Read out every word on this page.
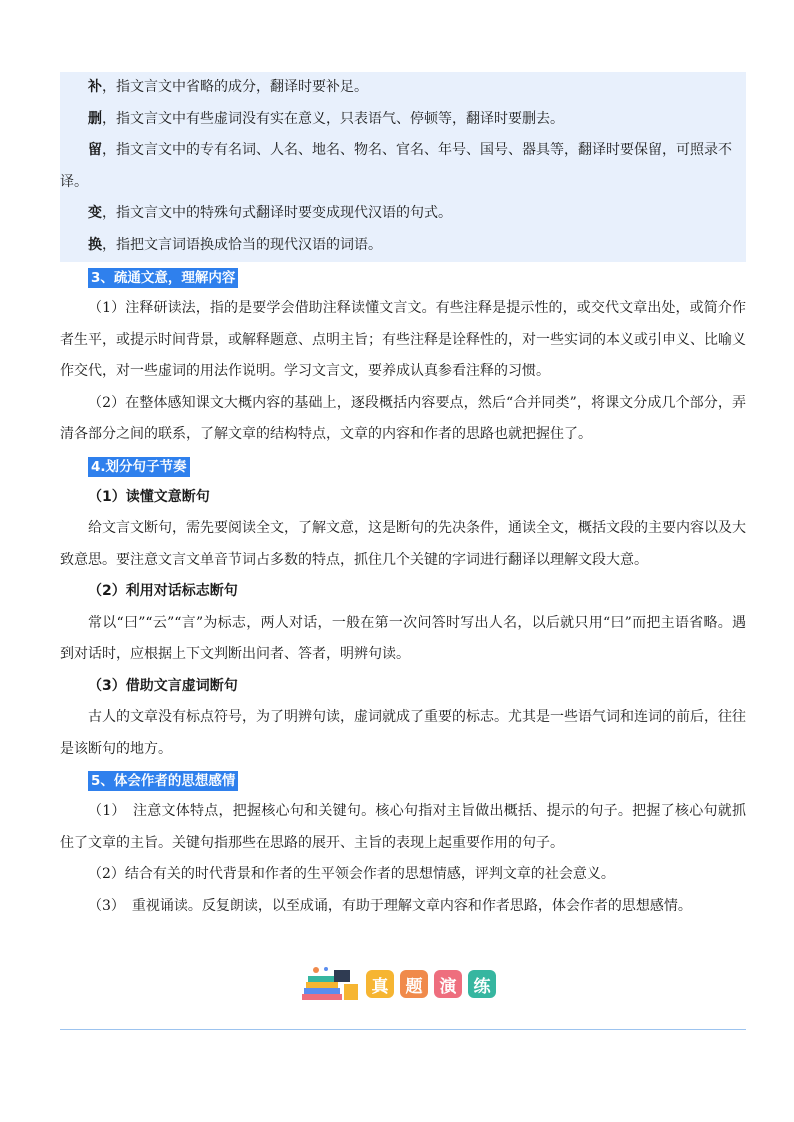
补，指文言文中省略的成分，翻译时要补足。

删，指文言文中有些虚词没有实在意义，只表语气、停顿等，翻译时要删去。

留，指文言文中的专有名词、人名、地名、物名、官名、年号、国号、器具等，翻译时要保留，可照录不译。

变，指文言文中的特殊句式翻译时要变成现代汉语的句式。

换，指把文言词语换成恰当的现代汉语的词语。

3、疏通文意，理解内容

（1）注释研读法，指的是要学会借助注释读懂文言文。有些注释是提示性的，或交代文章出处，或简介作者生平，或提示时间背景，或解释题意、点明主旨；有些注释是诠释性的，对一些实词的本义或引申义、比喻义作交代，对一些虚词的用法作说明。学习文言文，要养成认真参看注释的习惯。

（2）在整体感知课文大概内容的基础上，逐段概括内容要点，然后“合并同类”，将课文分成几个部分，弄清各部分之间的联系，了解文章的结构特点，文章的内容和作者的思路也就把握住了。

4.划分句子节奏

（1）读懂文意断句

给文言文断句，需先要阅读全文，了解文意，这是断句的先决条件，通读全文，概括文段的主要内容以及大致意思。要注意文言文单音节词占多数的特点，抓住几个关键的字词进行翻译以理解文段大意。

（2）利用对话标志断句

常以“曰”“云”“言”为标志，两人对话，一般在第一次问答时写出人名，以后就只用“曰”而把主语省略。遇到对话时，应根据上下文判断出问者、答者，明辨句读。

（3）借助文言虚词断句

古人的文章没有标点符号，为了明辨句读，虚词就成了重要的标志。尤其是一些语气词和连词的前后，往往是该断句的地方。

5、体会作者的思想感情

（1）　注意文体特点，把握核心句和关键句。核心句指对主旨做出概括、提示的句子。把握了核心句就抓住了文章的主旨。关键句指那些在思路的展开、主旨的表现上起重要作用的句子。

（2）结合有关的时代背景和作者的生平领会作者的思想情感，评判文章的社会意义。

（3）　重视诵读。反复朗读，以至成诵，有助于理解文章内容和作者思路，体会作者的思想感情。

真	题	演	练
